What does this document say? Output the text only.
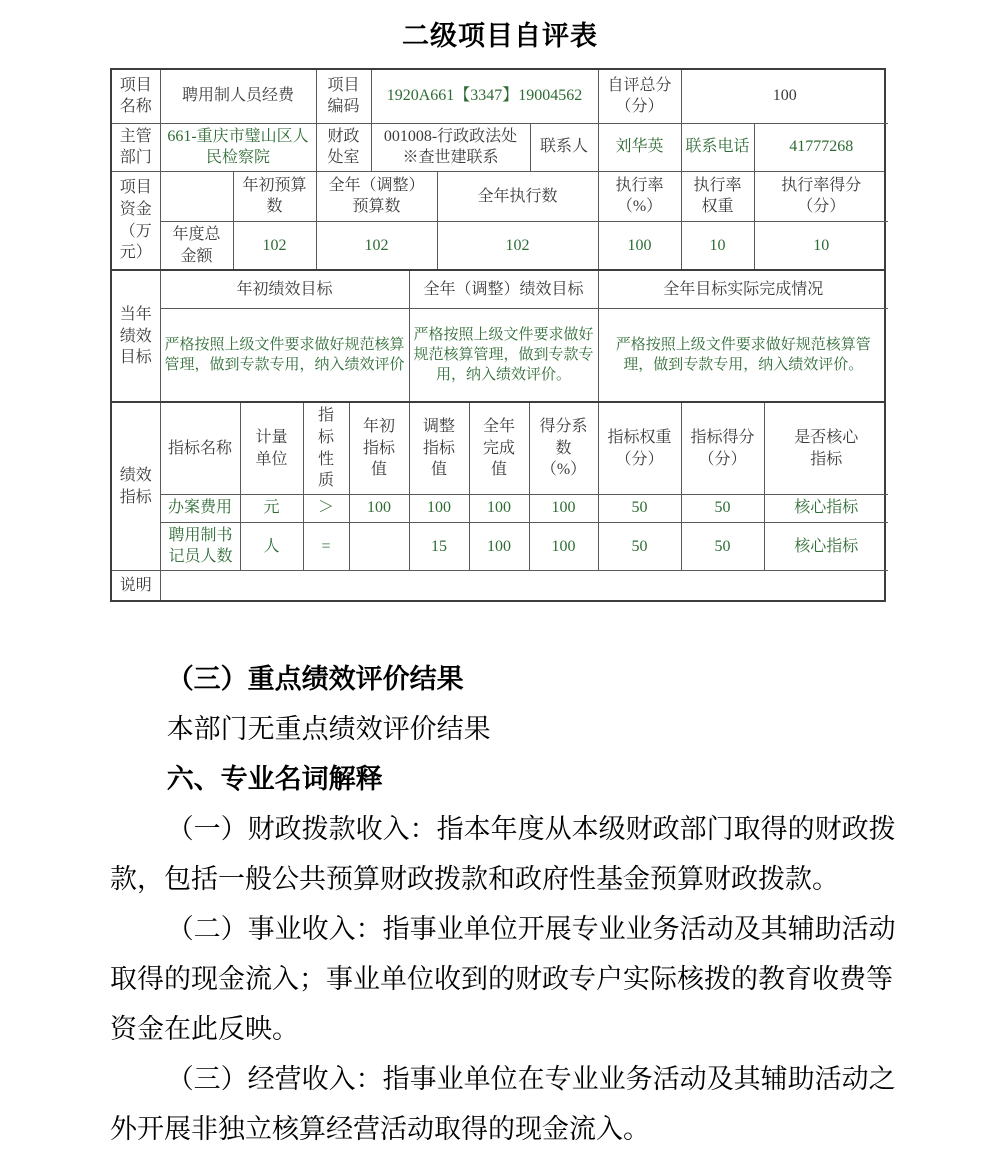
二级项目自评表
项目名称	聘用制人员经费	项目编码	1920A661【3347】19004562		自评总分（分）	100	
主管部门	661-重庆市璧山区人民检察院	财政处室	001008-行政政法处 ※查世建联系	联系人	刘华英	联系电话	41777268
项目资金（万元）		年初预算数	全年（调整）预算数	全年执行数	执行率（%）	执行率权重	执行率得分（分）
	年度总金额	102	102	102	100	10	10
当年绩效目标	年初绩效目标	全年（调整）绩效目标	全年目标实际完成情况
	严格按照上级文件要求做好规范核算管理，做到专款专用，纳入绩效评价	严格按照上级文件要求做好规范核算管理，做到专款专用，纳入绩效评价。	严格按照上级文件要求做好规范核算管理，做到专款专用，纳入绩效评价。
绩效指标	指标名称	计量单位	指标性质	年初指标值	调整指标值	全年完成值	得分系数（%）	指标权重（分）	指标得分（分）	是否核心指标
	办案费用	元	＞	100	100	100	100	50	50	核心指标
	聘用制书记员人数	人	=		15	100	100	50	50	核心指标
说明										

（三）重点绩效评价结果

本部门无重点绩效评价结果

六、专业名词解释

（一）财政拨款收入：指本年度从本级财政部门取得的财政拨款，包括一般公共预算财政拨款和政府性基金预算财政拨款。

（二）事业收入：指事业单位开展专业业务活动及其辅助活动取得的现金流入；事业单位收到的财政专户实际核拨的教育收费等资金在此反映。

（三）经营收入：指事业单位在专业业务活动及其辅助活动之外开展非独立核算经营活动取得的现金流入。
